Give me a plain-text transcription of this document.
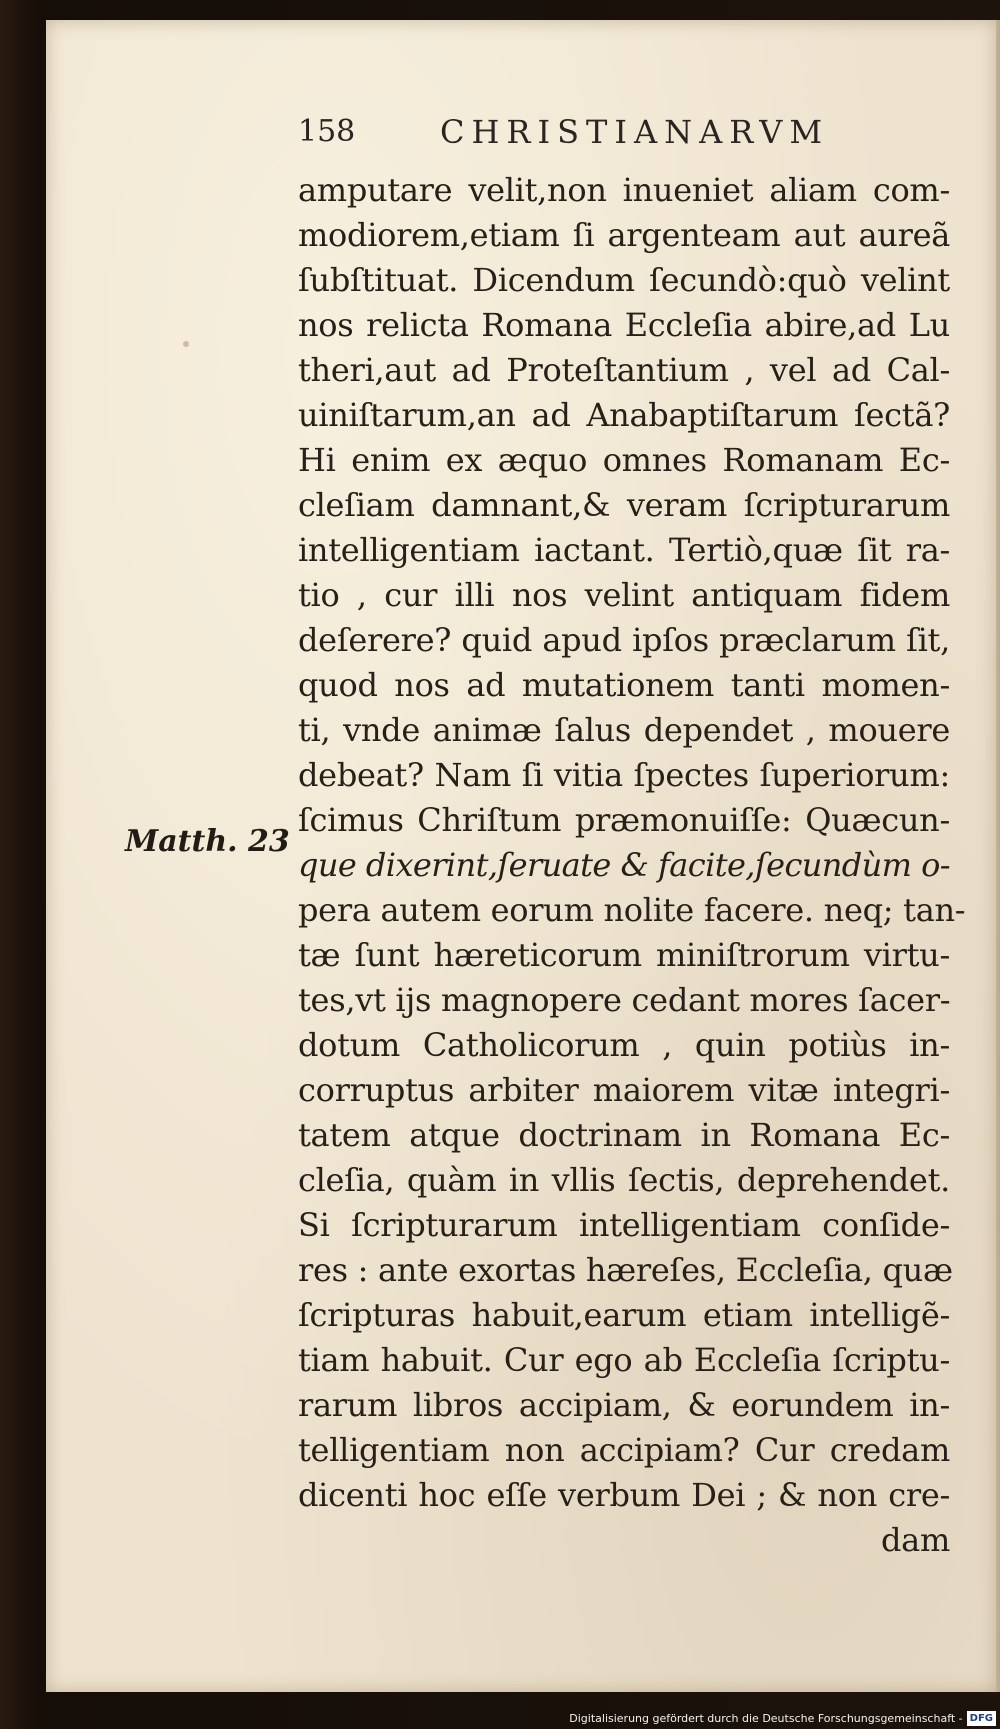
158	CHRISTIANARVM
Matth. 23
amputare velit,non inueniet aliam com-
modiorem,etiam ſi argenteam aut aureã
ſubſtituat. Dicendum ſecundò:quò velint
nos relicta Romana Eccleſia abire,ad Lu
theri,aut ad Proteſtantium , vel ad Cal-
uiniſtarum,an ad Anabaptiſtarum ſectã?
Hi enim ex æquo omnes Romanam Ec-
cleſiam damnant,& veram ſcripturarum
intelligentiam iactant. Tertiò,quæ ſit ra-
tio , cur illi nos velint antiquam fidem
deſerere? quid apud ipſos præclarum ſit,
quod nos ad mutationem tanti momen-
ti, vnde animæ ſalus dependet , mouere
debeat? Nam ſi vitia ſpectes ſuperiorum:
ſcimus Chriſtum præmonuiſſe: Quæcun-
que dixerint,ſeruate & facite,ſecundùm o-
pera autem eorum nolite facere. neq; tan-
tæ ſunt hæreticorum miniſtrorum virtu-
tes,vt ijs magnopere cedant mores ſacer-
dotum Catholicorum , quin potiùs in-
corruptus arbiter maiorem vitæ integri-
tatem atque doctrinam in Romana Ec-
cleſia, quàm in vllis ſectis, deprehendet.
Si ſcripturarum intelligentiam conſide-
res : ante exortas hæreſes, Eccleſia, quæ
ſcripturas habuit,earum etiam intelligẽ-
tiam habuit. Cur ego ab Eccleſia ſcriptu-
rarum libros accipiam, & eorundem in-
telligentiam non accipiam? Cur credam
dicenti hoc eſſe verbum Dei ; & non cre-
dam
Digitalisierung gefördert durch die Deutsche Forschungsgemeinschaft - DFG
